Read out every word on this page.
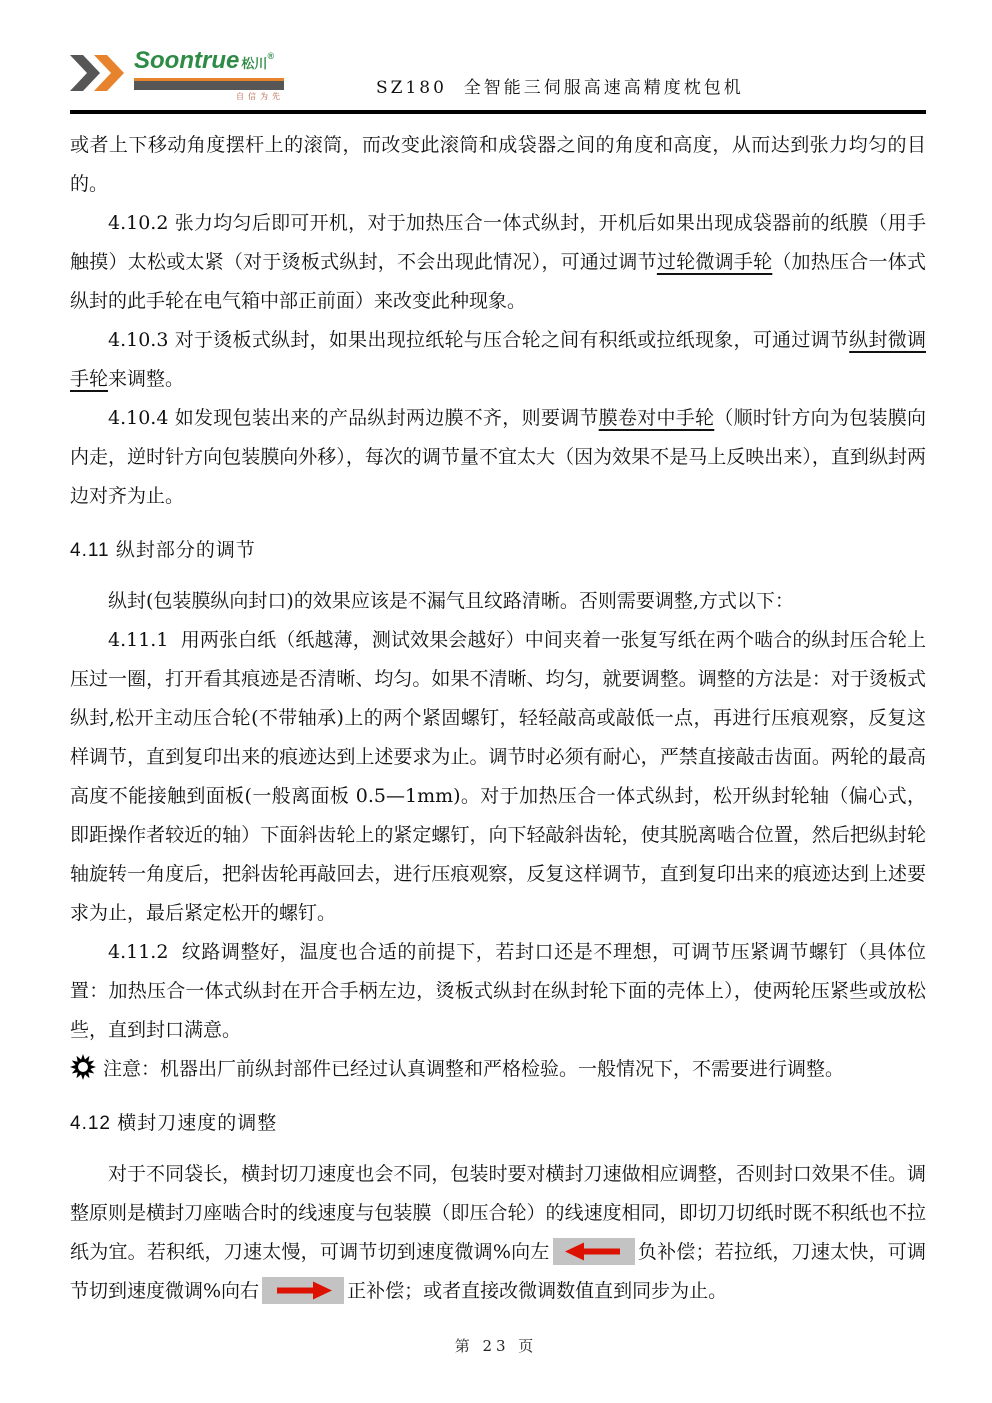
Soontrue 松川®
自信为先	SZ180  全智能三伺服高速高精度枕包机

或者上下移动角度摆杆上的滚筒，而改变此滚筒和成袋器之间的角度和高度，从而达到张力均匀的目的。

4.10.2 张力均匀后即可开机，对于加热压合一体式纵封，开机后如果出现成袋器前的纸膜（用手触摸）太松或太紧（对于烫板式纵封，不会出现此情况），可通过调节过轮微调手轮（加热压合一体式纵封的此手轮在电气箱中部正前面）来改变此种现象。

4.10.3 对于烫板式纵封，如果出现拉纸轮与压合轮之间有积纸或拉纸现象，可通过调节纵封微调手轮来调整。

4.10.4 如发现包装出来的产品纵封两边膜不齐，则要调节膜卷对中手轮（顺时针方向为包装膜向内走，逆时针方向包装膜向外移），每次的调节量不宜太大（因为效果不是马上反映出来），直到纵封两边对齐为止。

4.11 纵封部分的调节

纵封(包装膜纵向封口)的效果应该是不漏气且纹路清晰。否则需要调整,方式以下：

4.11.1  用两张白纸（纸越薄，测试效果会越好）中间夹着一张复写纸在两个啮合的纵封压合轮上压过一圈，打开看其痕迹是否清晰、均匀。如果不清晰、均匀，就要调整。调整的方法是：对于烫板式纵封,松开主动压合轮(不带轴承)上的两个紧固螺钉，轻轻敲高或敲低一点，再进行压痕观察，反复这样调节，直到复印出来的痕迹达到上述要求为止。调节时必须有耐心，严禁直接敲击齿面。两轮的最高高度不能接触到面板(一般离面板 0.5—1mm)。对于加热压合一体式纵封，松开纵封轮轴（偏心式，即距操作者较近的轴）下面斜齿轮上的紧定螺钉，向下轻敲斜齿轮，使其脱离啮合位置，然后把纵封轮轴旋转一角度后，把斜齿轮再敲回去，进行压痕观察，反复这样调节，直到复印出来的痕迹达到上述要求为止，最后紧定松开的螺钉。

4.11.2  纹路调整好，温度也合适的前提下，若封口还是不理想，可调节压紧调节螺钉（具体位置：加热压合一体式纵封在开合手柄左边，烫板式纵封在纵封轮下面的壳体上），使两轮压紧些或放松些，直到封口满意。

注意：机器出厂前纵封部件已经过认真调整和严格检验。一般情况下，不需要进行调整。

4.12 横封刀速度的调整

对于不同袋长，横封切刀速度也会不同，包装时要对横封刀速做相应调整，否则封口效果不佳。调整原则是横封刀座啮合时的线速度与包装膜（即压合轮）的线速度相同，即切刀切纸时既不积纸也不拉纸为宜。若积纸，刀速太慢，可调节切到速度微调%向左	负补偿；若拉纸，刀速太快，可调节切到速度微调%向右	正补偿；或者直接改微调数值直到同步为止。

第 23 页
